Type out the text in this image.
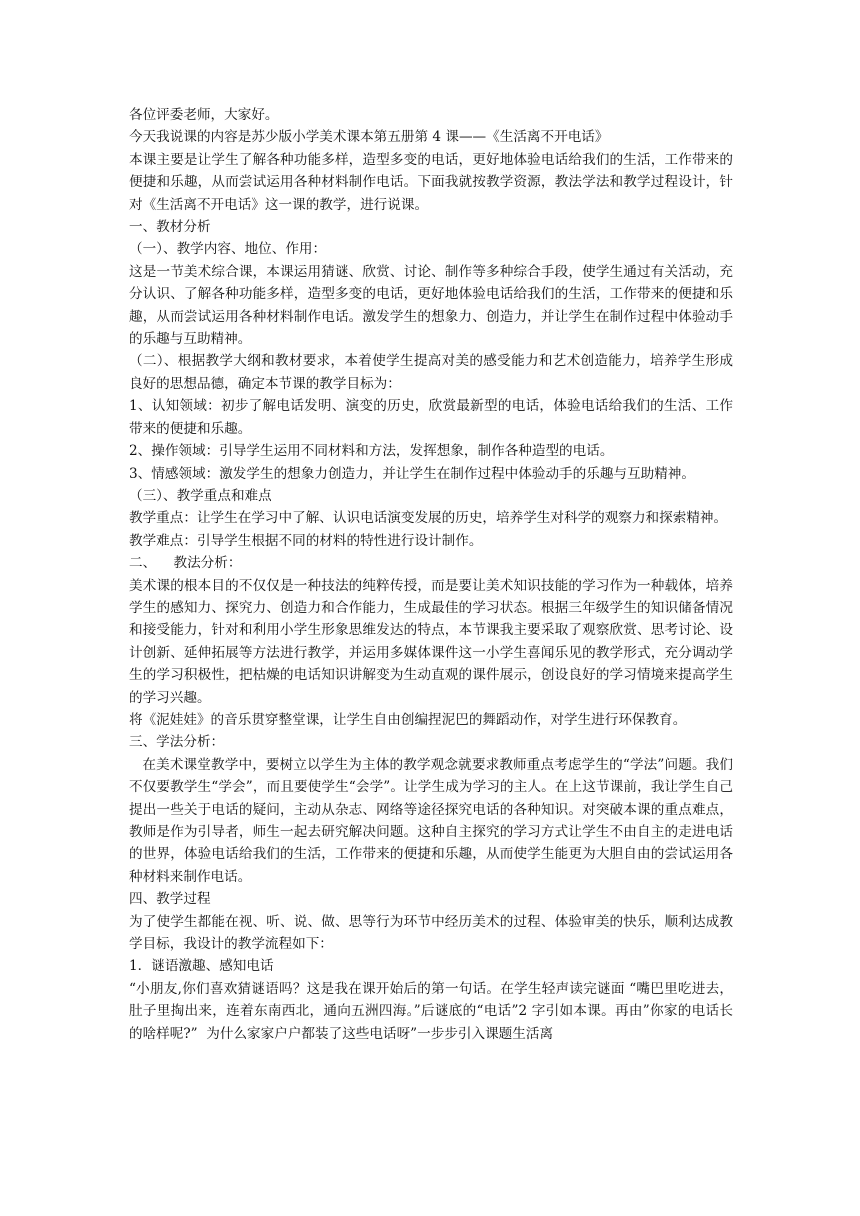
各位评委老师，大家好。

今天我说课的内容是苏少版小学美术课本第五册第 4 课——《生活离不开电话》

本课主要是让学生了解各种功能多样，造型多变的电话，更好地体验电话给我们的生活，工作带来的便捷和乐趣，从而尝试运用各种材料制作电话。下面我就按教学资源，教法学法和教学过程设计，针对《生活离不开电话》这一课的教学，进行说课。

一、教材分析

（一）、教学内容、地位、作用：

这是一节美术综合课，本课运用猜谜、欣赏、讨论、制作等多种综合手段，使学生通过有关活动，充分认识、了解各种功能多样，造型多变的电话，更好地体验电话给我们的生活，工作带来的便捷和乐趣，从而尝试运用各种材料制作电话。激发学生的想象力、创造力，并让学生在制作过程中体验动手的乐趣与互助精神。

（二）、根据教学大纲和教材要求，本着使学生提高对美的感受能力和艺术创造能力，培养学生形成良好的思想品德，确定本节课的教学目标为：

1、认知领域：初步了解电话发明、演变的历史，欣赏最新型的电话，体验电话给我们的生活、工作带来的便捷和乐趣。

2、操作领域：引导学生运用不同材料和方法，发挥想象，制作各种造型的电话。

3、情感领域：激发学生的想象力创造力，并让学生在制作过程中体验动手的乐趣与互助精神。

（三）、教学重点和难点

教学重点：让学生在学习中了解、认识电话演变发展的历史，培养学生对科学的观察力和探索精神。

教学难点：引导学生根据不同的材料的特性进行设计制作。

二、    教法分析：

美术课的根本目的不仅仅是一种技法的纯粹传授，而是要让美术知识技能的学习作为一种载体，培养学生的感知力、探究力、创造力和合作能力，生成最佳的学习状态。根据三年级学生的知识储备情况和接受能力，针对和利用小学生形象思维发达的特点，本节课我主要采取了观察欣赏、思考讨论、设计创新、延伸拓展等方法进行教学，并运用多媒体课件这一小学生喜闻乐见的教学形式，充分调动学生的学习积极性，把枯燥的电话知识讲解变为生动直观的课件展示，创设良好的学习情境来提高学生的学习兴趣。

将《泥娃娃》的音乐贯穿整堂课，让学生自由创编捏泥巴的舞蹈动作，对学生进行环保教育。

三、学法分析：

在美术课堂教学中，要树立以学生为主体的教学观念就要求教师重点考虑学生的“学法”问题。我们不仅要教学生“学会”，而且要使学生“会学”。让学生成为学习的主人。在上这节课前，我让学生自己提出一些关于电话的疑问，主动从杂志、网络等途径探究电话的各种知识。对突破本课的重点难点，教师是作为引导者，师生一起去研究解决问题。这种自主探究的学习方式让学生不由自主的走进电话的世界，体验电话给我们的生活，工作带来的便捷和乐趣，从而使学生能更为大胆自由的尝试运用各种材料来制作电话。

四、教学过程

为了使学生都能在视、听、说、做、思等行为环节中经历美术的过程、体验审美的快乐，顺利达成教学目标，我设计的教学流程如下：

1．谜语激趣、感知电话

“小朋友,你们喜欢猜谜语吗？这是我在课开始后的第一句话。在学生轻声读完谜面 “嘴巴里吃进去，肚子里掏出来，连着东南西北，通向五洲四海。”后谜底的“电话”2 字引如本课。再由”你家的电话长的啥样呢?”  为什么家家户户都装了这些电话呀”一步步引入课题生活离
